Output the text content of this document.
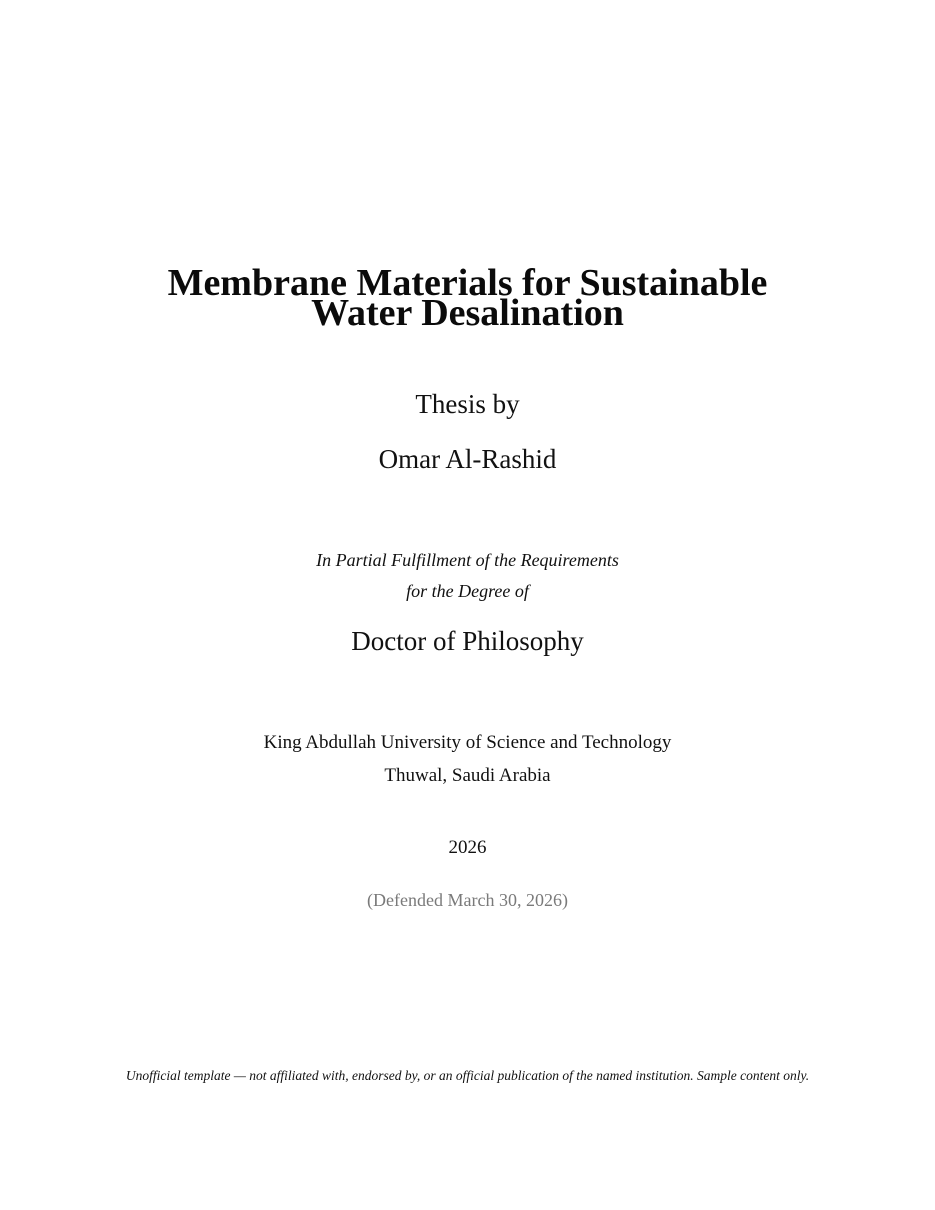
Membrane Materials for Sustainable
Water Desalination

Thesis by

Omar Al-Rashid

In Partial Fulfillment of the Requirements

for the Degree of

Doctor of Philosophy

King Abdullah University of Science and Technology

Thuwal, Saudi Arabia

2026

(Defended March 30, 2026)

Unofficial template — not affiliated with, endorsed by, or an official publication of the named institution. Sample content only.
